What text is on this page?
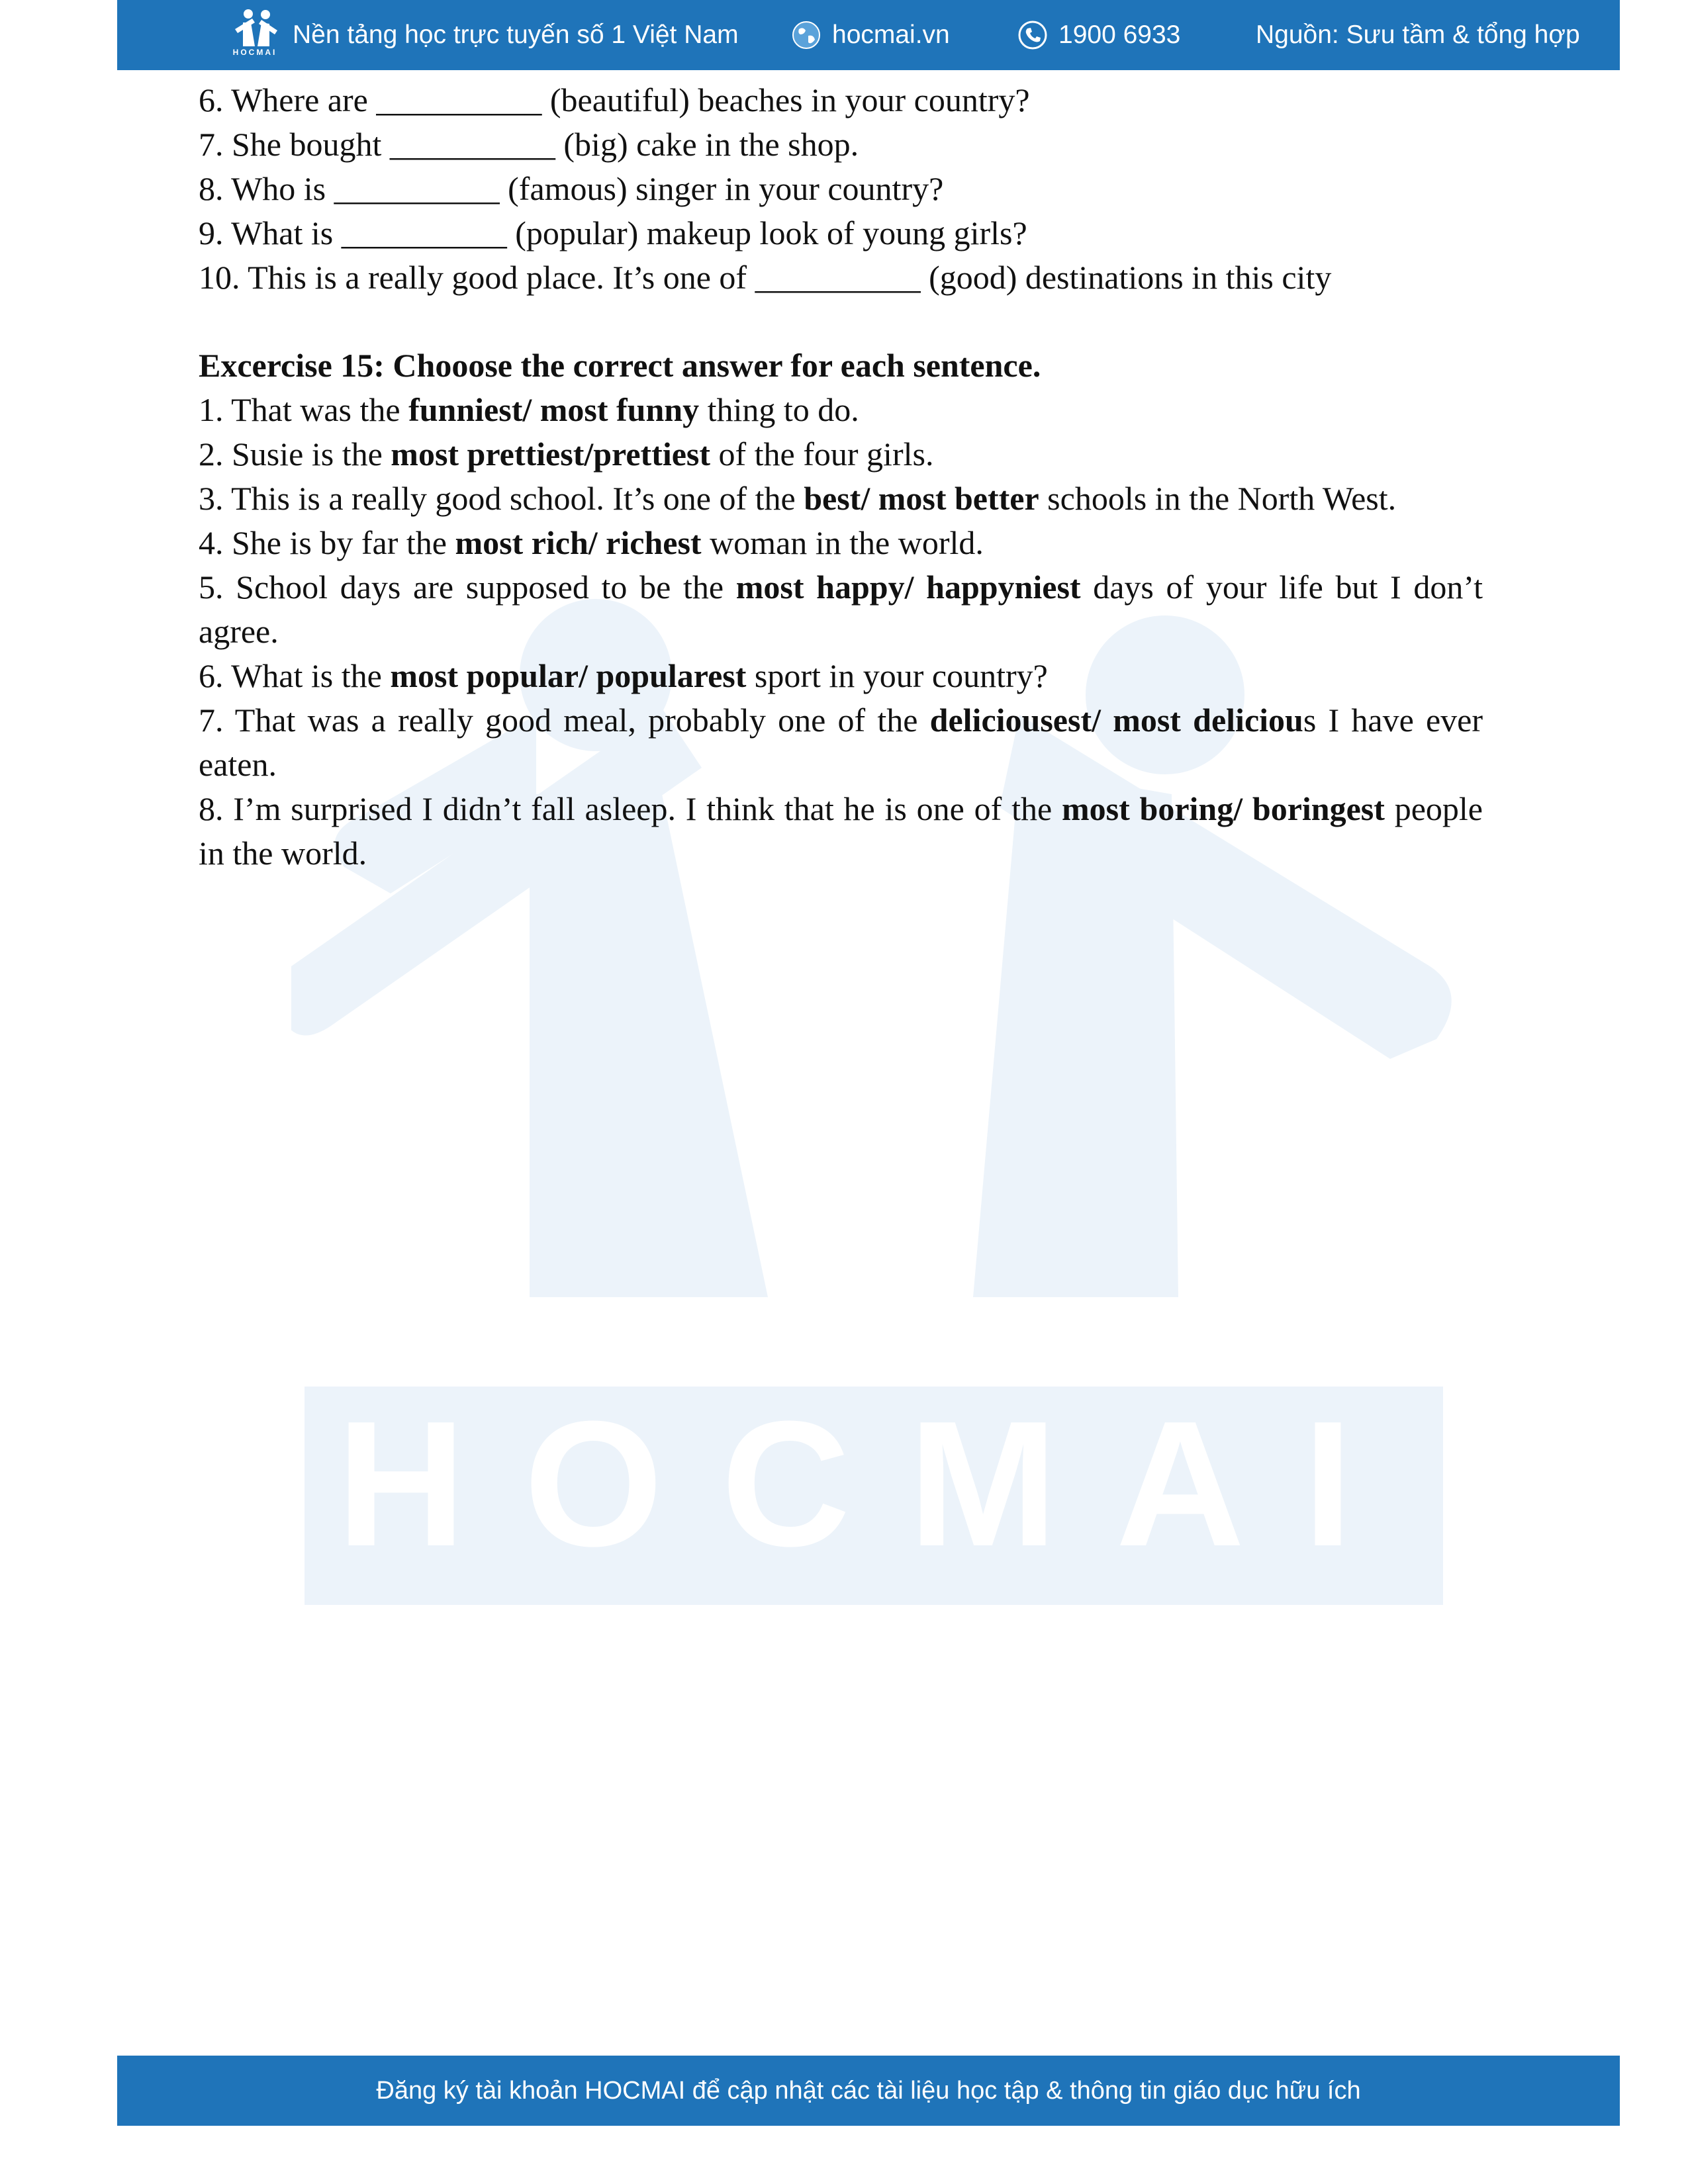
HOCMAI
HOCMAI
Nền tảng học trực tuyến số 1 Việt Nam	hocmai.vn	1900 6933	Nguồn: Sưu tầm & tổng hợp

6. Where are __________ (beautiful) beaches in your country?

7. She bought __________ (big) cake in the shop.

8. Who is __________ (famous) singer in your country?

9. What is __________ (popular) makeup look of young girls?

10. This is a really good place. It’s one of __________ (good) destinations in this city

Excercise 15: Chooose the correct answer for each sentence.

1. That was the funniest/ most funny thing to do.

2. Susie is the most prettiest/prettiest of the four girls.

3. This is a really good school. It’s one of the best/ most better schools in the North West.

4. She is by far the most rich/ richest woman in the world.

5. School days are supposed to be the most happy/ happyniest days of your life but I don’t agree.

6. What is the most popular/ popularest sport in your country?

7. That was a really good meal, probably one of the deliciousest/ most delicious I have ever eaten.

8. I’m surprised I didn’t fall asleep. I think that he is one of the most boring/ boringest people in the world.

Đăng ký tài khoản HOCMAI để cập nhật các tài liệu học tập & thông tin giáo dục hữu ích
